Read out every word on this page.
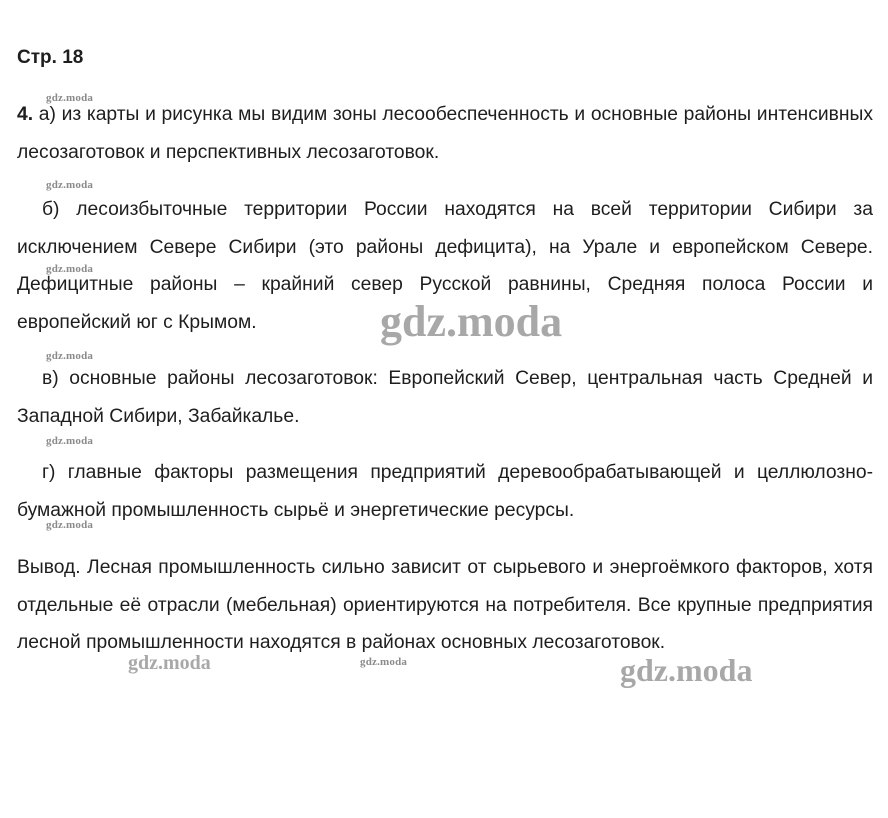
Стр. 18

4. а) из карты и рисунка мы видим зоны лесообеспеченность и основные районы интенсивных лесозаготовок и перспективных лесозаготовок.

б) лесоизбыточные территории России находятся на всей территории Сибири за исключением Севере Сибири (это районы дефицита), на Урале и европейском Севере. Дефицитные районы – крайний север Русской равнины, Средняя полоса России и европейский юг с Крымом.

в) основные районы лесозаготовок: Европейский Север, центральная часть Средней и Западной Сибири, Забайкалье.

г) главные факторы размещения предприятий деревообрабатывающей и целлюлозно-бумажной промышленность сырьё и энергетические ресурсы.

Вывод. Лесная промышленность сильно зависит от сырьевого и энергоёмкого факторов, хотя отдельные её отрасли (мебельная) ориентируются на потребителя. Все крупные предприятия лесной промышленности находятся в районах основных лесозаготовок.

gdz.moda
gdz.moda
gdz.moda
gdz.moda
gdz.moda
gdz.moda
gdz.moda
gdz.moda
gdz.moda	gdz.moda
